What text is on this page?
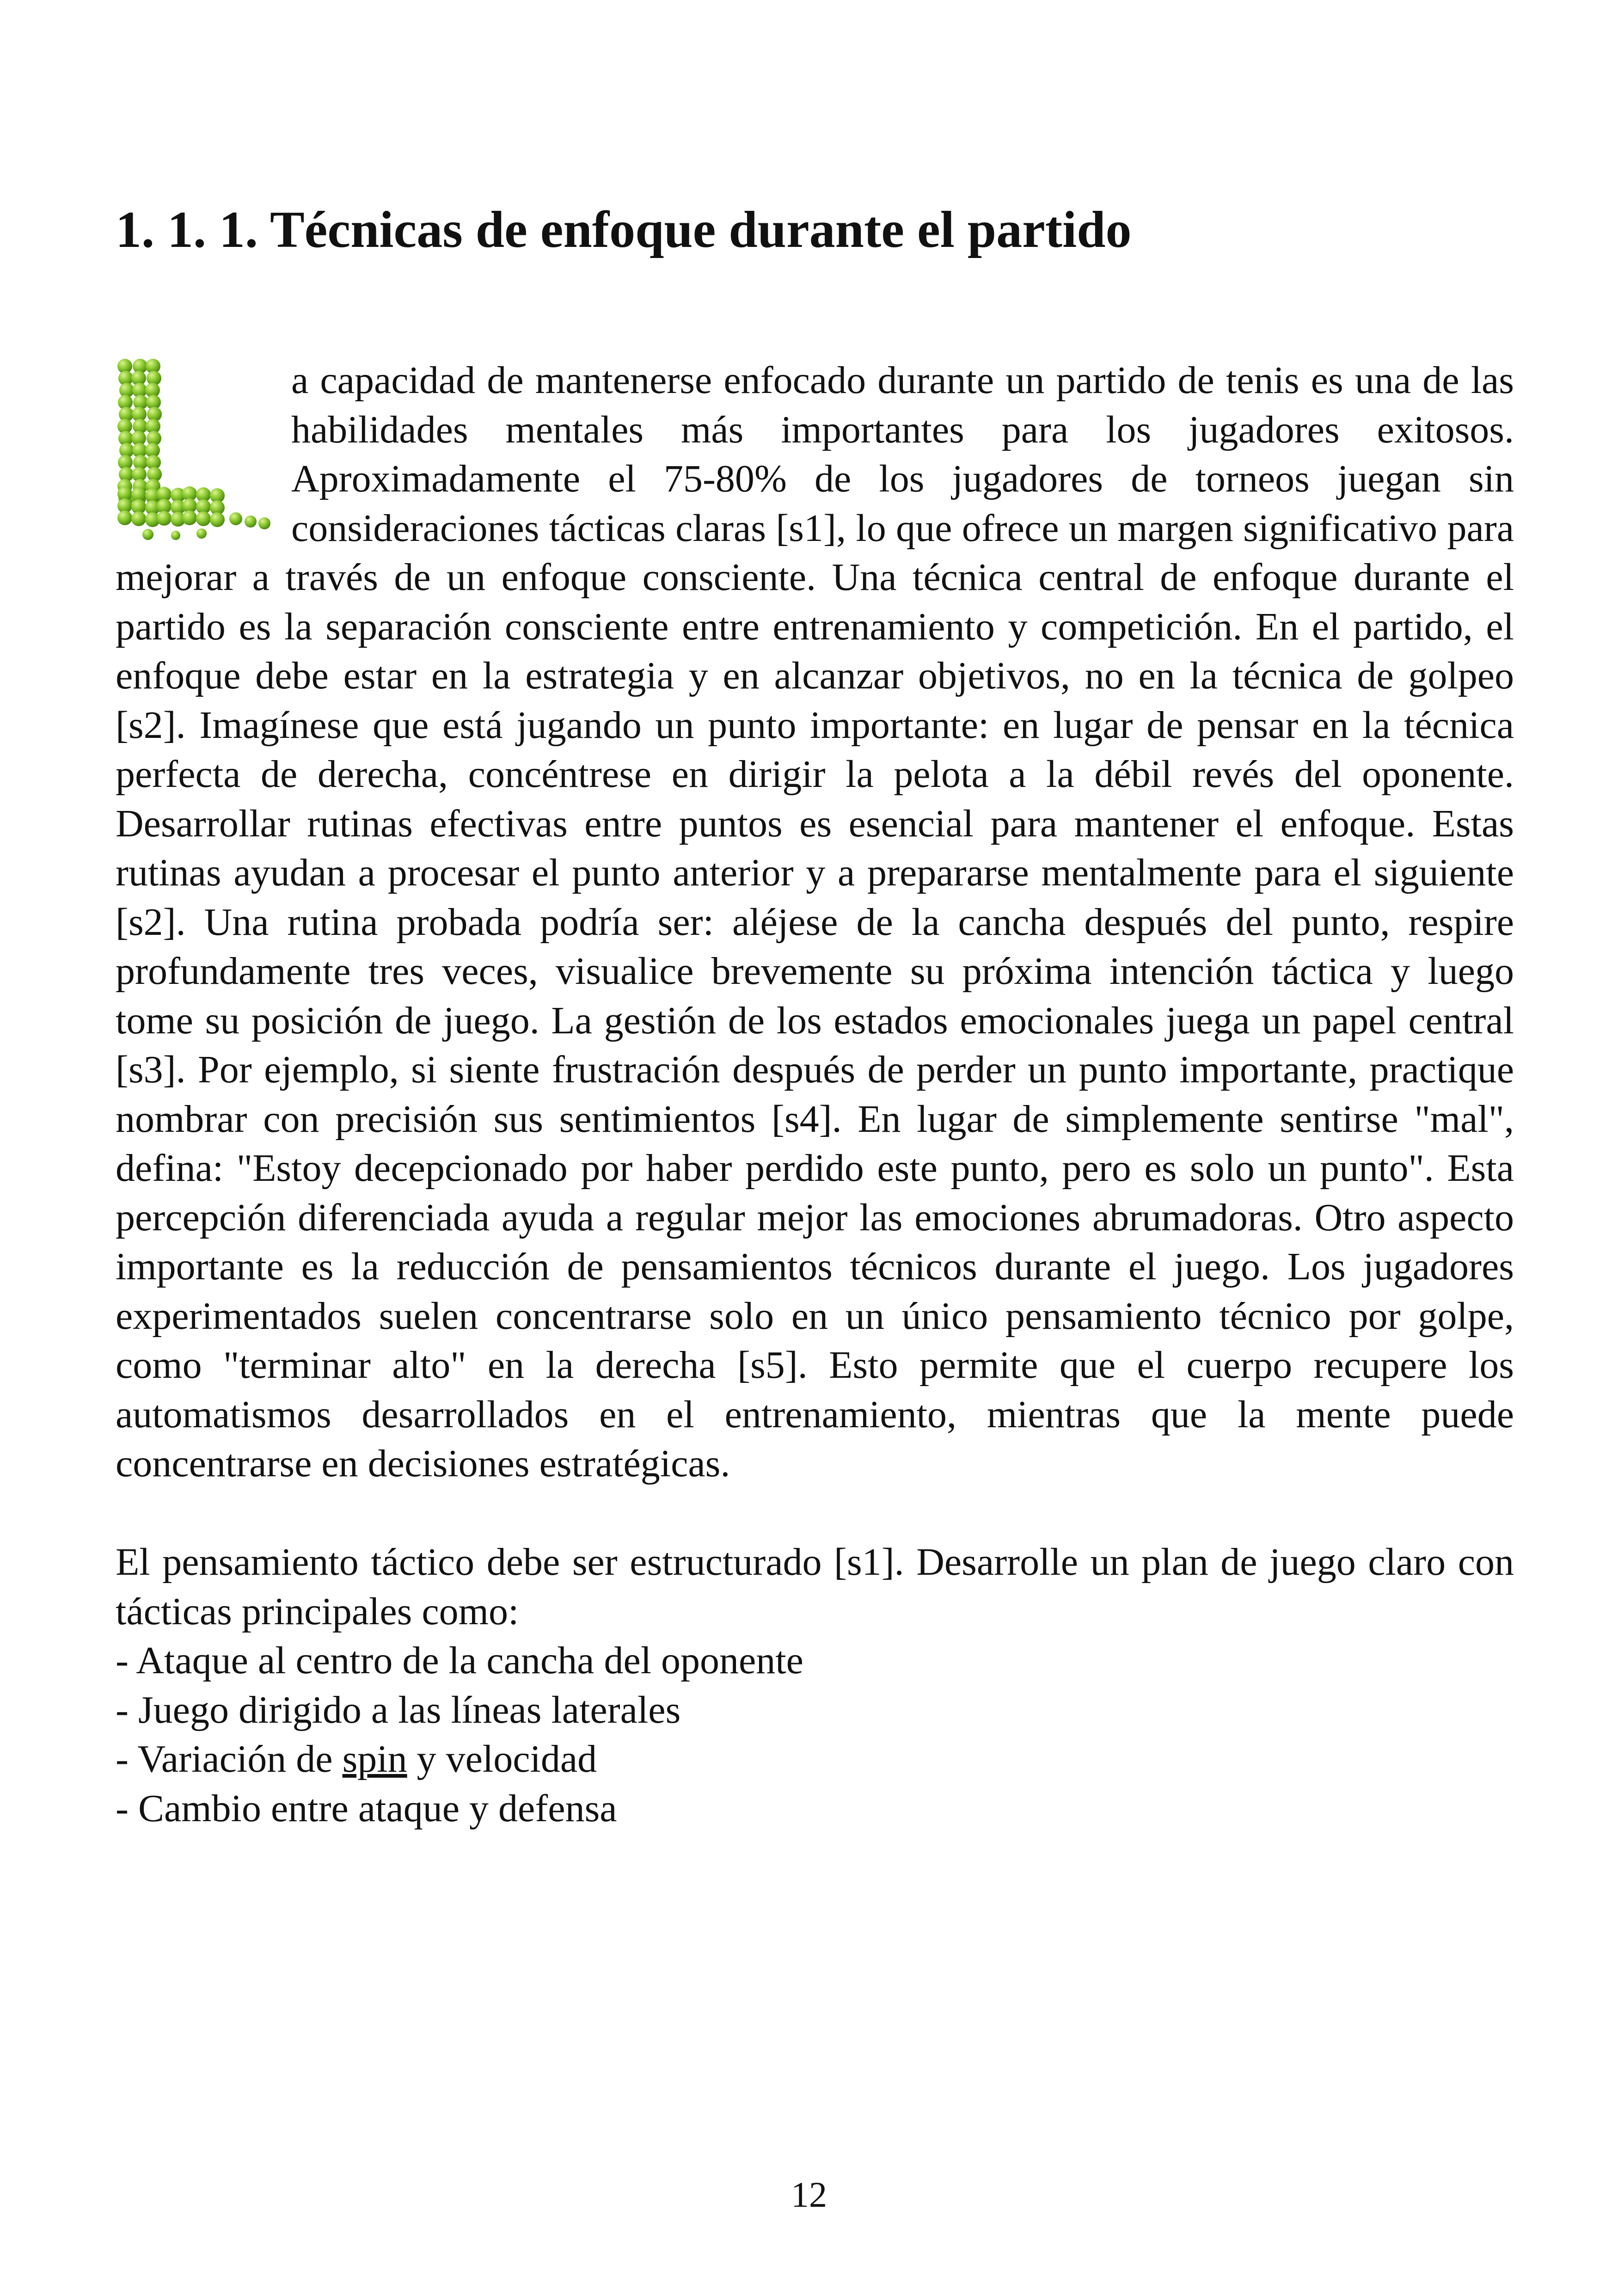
1. 1. 1. Técnicas de enfoque durante el partido

a capacidad de mantenerse enfocado durante un partido de tenis es una de las habilidades mentales más importantes para los jugadores exitosos. Aproximadamente el 75-80% de los jugadores de torneos juegan sin consideraciones tácticas claras [s1], lo que ofrece un margen significativo para mejorar a través de un enfoque consciente. Una técnica central de enfoque durante el partido es la separación consciente entre entrenamiento y competición. En el partido, el enfoque debe estar en la estrategia y en alcanzar objetivos, no en la técnica de golpeo [s2]. Imagínese que está jugando un punto importante: en lugar de pensar en la técnica perfecta de derecha, concéntrese en dirigir la pelota a la débil revés del oponente. Desarrollar rutinas efectivas entre puntos es esencial para mantener el enfoque. Estas rutinas ayudan a procesar el punto anterior y a prepararse mentalmente para el siguiente [s2]. Una rutina probada podría ser: aléjese de la cancha después del punto, respire profundamente tres veces, visualice brevemente su próxima intención táctica y luego tome su posición de juego. La gestión de los estados emocionales juega un papel central [s3]. Por ejemplo, si siente frustración después de perder un punto importante, practique nombrar con precisión sus sentimientos [s4]. En lugar de simplemente sentirse "mal", defina: "Estoy decepcionado por haber perdido este punto, pero es solo un punto". Esta percepción diferenciada ayuda a regular mejor las emociones abrumadoras. Otro aspecto importante es la reducción de pensamientos técnicos durante el juego. Los jugadores experimentados suelen concentrarse solo en un único pensamiento técnico por golpe, como "terminar alto" en la derecha [s5]. Esto permite que el cuerpo recupere los automatismos desarrollados en el entrenamiento, mientras que la mente puede concentrarse en decisiones estratégicas.

El pensamiento táctico debe ser estructurado [s1]. Desarrolle un plan de juego claro con tácticas principales como:

- Ataque al centro de la cancha del oponente
- Juego dirigido a las líneas laterales
- Variación de spin y velocidad
- Cambio entre ataque y defensa
12
